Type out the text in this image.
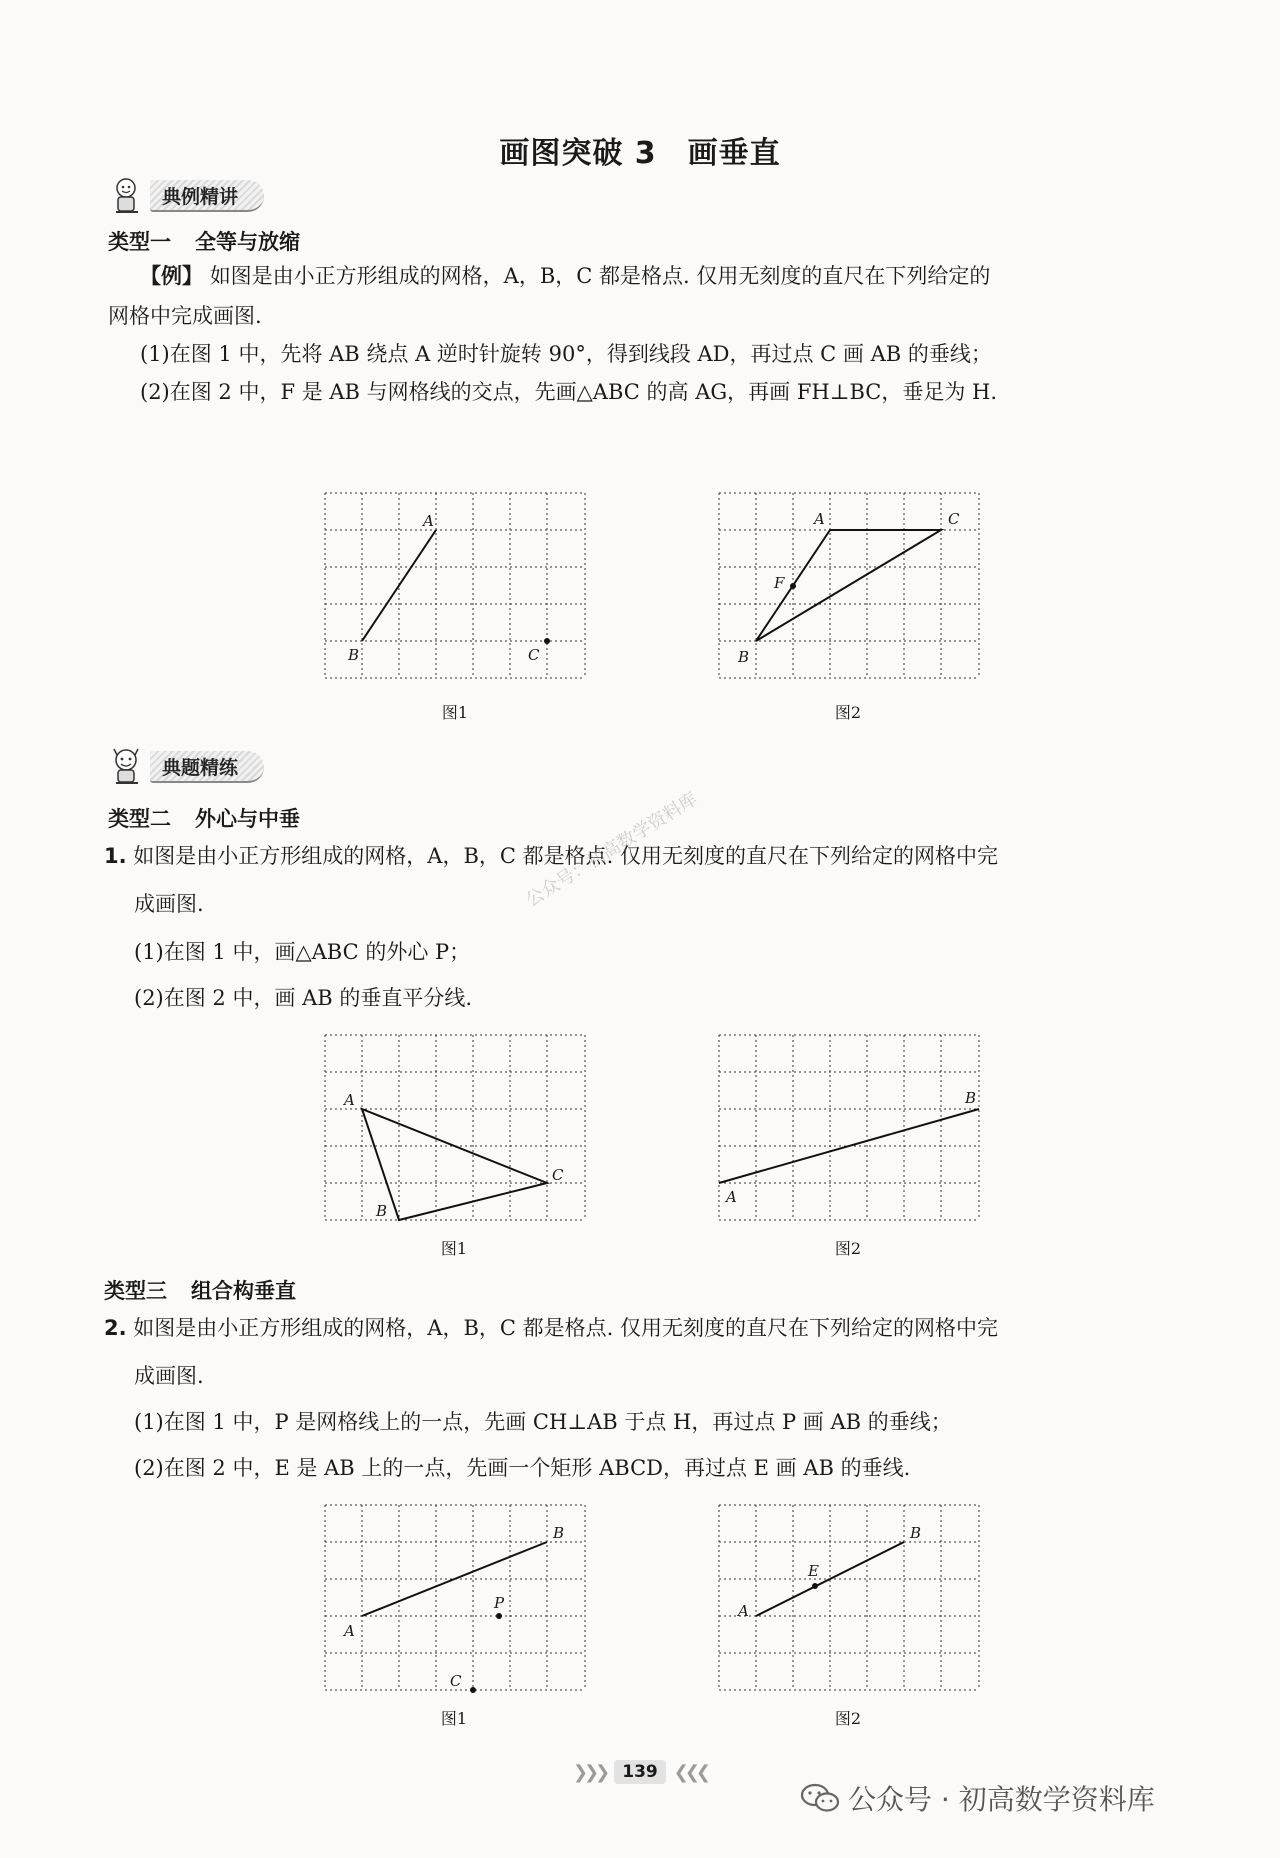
画图突破 3　画垂直
典例精讲
类型一 全等与放缩
【例】 如图是由小正方形组成的网格，A，B，C 都是格点. 仅用无刻度的直尺在下列给定的
网格中完成画图.
(1)在图 1 中，先将 AB 绕点 A 逆时针旋转 90°，得到线段 AD，再过点 C 画 AB 的垂线；
(2)在图 2 中，F 是 AB 与网格线的交点，先画△ABC 的高 AG，再画 FH⊥BC，垂足为 H.
A
B	C
图1
A	C
F
B
图2
典题精练
类型二 外心与中垂
1. 如图是由小正方形组成的网格，A，B，C 都是格点. 仅用无刻度的直尺在下列给定的网格中完
成画图.
(1)在图 1 中，画△ABC 的外心 P；
(2)在图 2 中，画 AB 的垂直平分线.
公众号：初高数学资料库
A
C
B
图1
A
B
图2
类型三 组合构垂直
2. 如图是由小正方形组成的网格，A，B，C 都是格点. 仅用无刻度的直尺在下列给定的网格中完
成画图.
(1)在图 1 中，P 是网格线上的一点，先画 CH⊥AB 于点 H，再过点 P 画 AB 的垂线；
(2)在图 2 中，E 是 AB 上的一点，先画一个矩形 ABCD，再过点 E 画 AB 的垂线.
A
B
P
C
图1
A
E
B
图2
❯❯❯ 139 ❮❮❮
公众号 · 初高数学资料库
